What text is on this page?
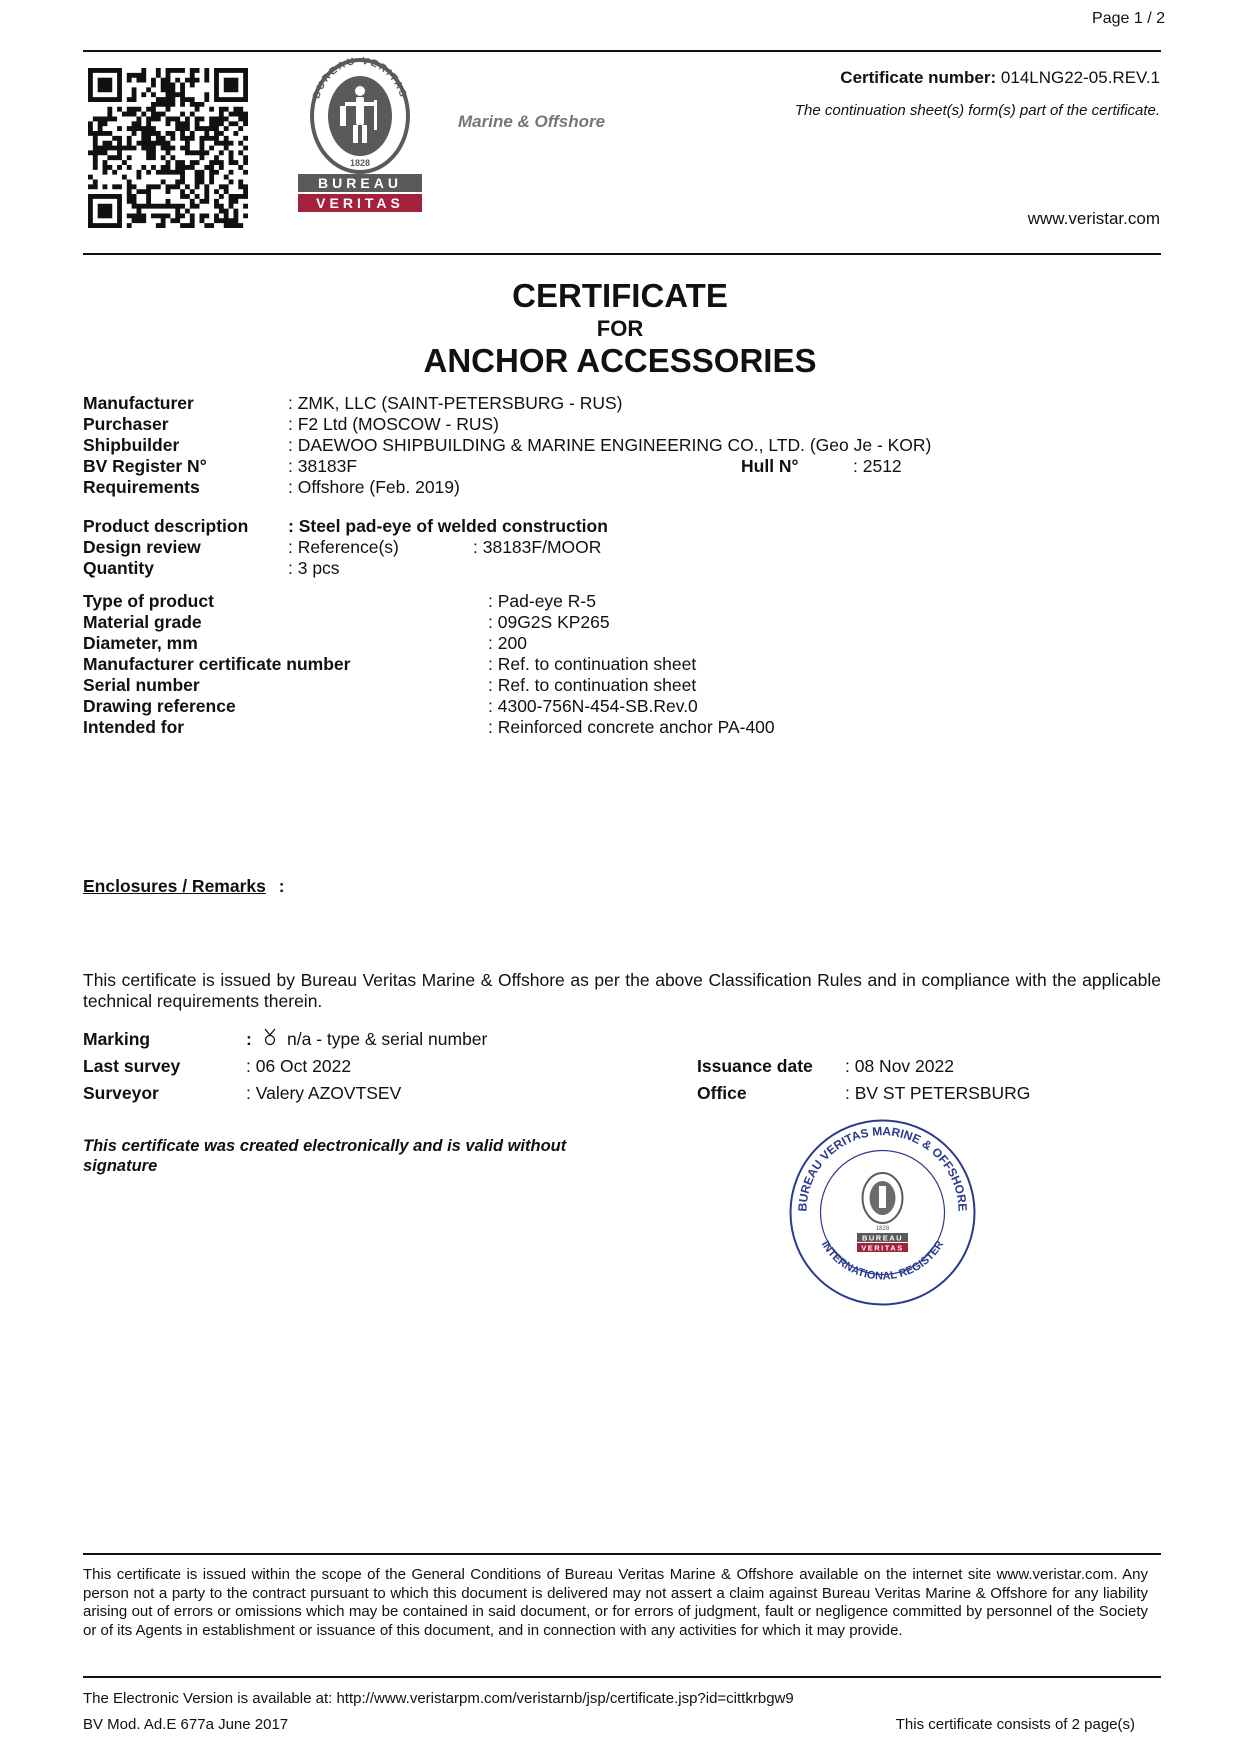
Page 1 / 2
BUREAU VERITAS
1828
BUREAU
VERITAS
Marine & Offshore
Certificate number: 014LNG22-05.REV.1
The continuation sheet(s) form(s) part of the certificate.
www.veristar.com
CERTIFICATE
FOR
ANCHOR ACCESSORIES
Manufacturer	: ZMK, LLC (SAINT-PETERSBURG - RUS)
Purchaser	: F2 Ltd (MOSCOW - RUS)
Shipbuilder	: DAEWOO SHIPBUILDING & MARINE ENGINEERING CO., LTD. (Geo Je - KOR)
BV Register N°	: 38183F	Hull N°	: 2512
Requirements	: Offshore (Feb. 2019)
Product description : Steel pad-eye of welded construction
Design review	: Reference(s)	: 38183F/MOOR
Quantity	: 3 pcs
Type of product	: Pad-eye R-5
Material grade	: 09G2S KP265
Diameter, mm	: 200
Manufacturer certificate number	: Ref. to continuation sheet
Serial number	: Ref. to continuation sheet
Drawing reference	: 4300-756N-454-SB.Rev.0
Intended for	: Reinforced concrete anchor PA-400
Enclosures / Remarks :
This certificate is issued by Bureau Veritas Marine & Offshore as per the above Classification Rules and in compliance with the applicable technical requirements therein.
Marking	: n/a - type & serial number
Last survey	: 06 Oct 2022
Surveyor	: Valery AZOVTSEV
Issuance date : 08 Nov 2022
Office	: BV ST PETERSBURG
This certificate was created electronically and is valid without signature
BUREAU VERITAS MARINE & OFFSHORE
INTERNATIONAL REGISTER
1828
BUREAU
VERITAS
This certificate is issued within the scope of the General Conditions of Bureau Veritas Marine & Offshore available on the internet site www.veristar.com. Any person not a party to the contract pursuant to which this document is delivered may not assert a claim against Bureau Veritas Marine & Offshore for any liability arising out of errors or omissions which may be contained in said document, or for errors of judgment, fault or negligence committed by personnel of the Society or of its Agents in establishment or issuance of this document, and in connection with any activities for which it may provide.
The Electronic Version is available at: http://www.veristarpm.com/veristarnb/jsp/certificate.jsp?id=cittkrbgw9
BV Mod. Ad.E 677a June 2017	This certificate consists of 2 page(s)
